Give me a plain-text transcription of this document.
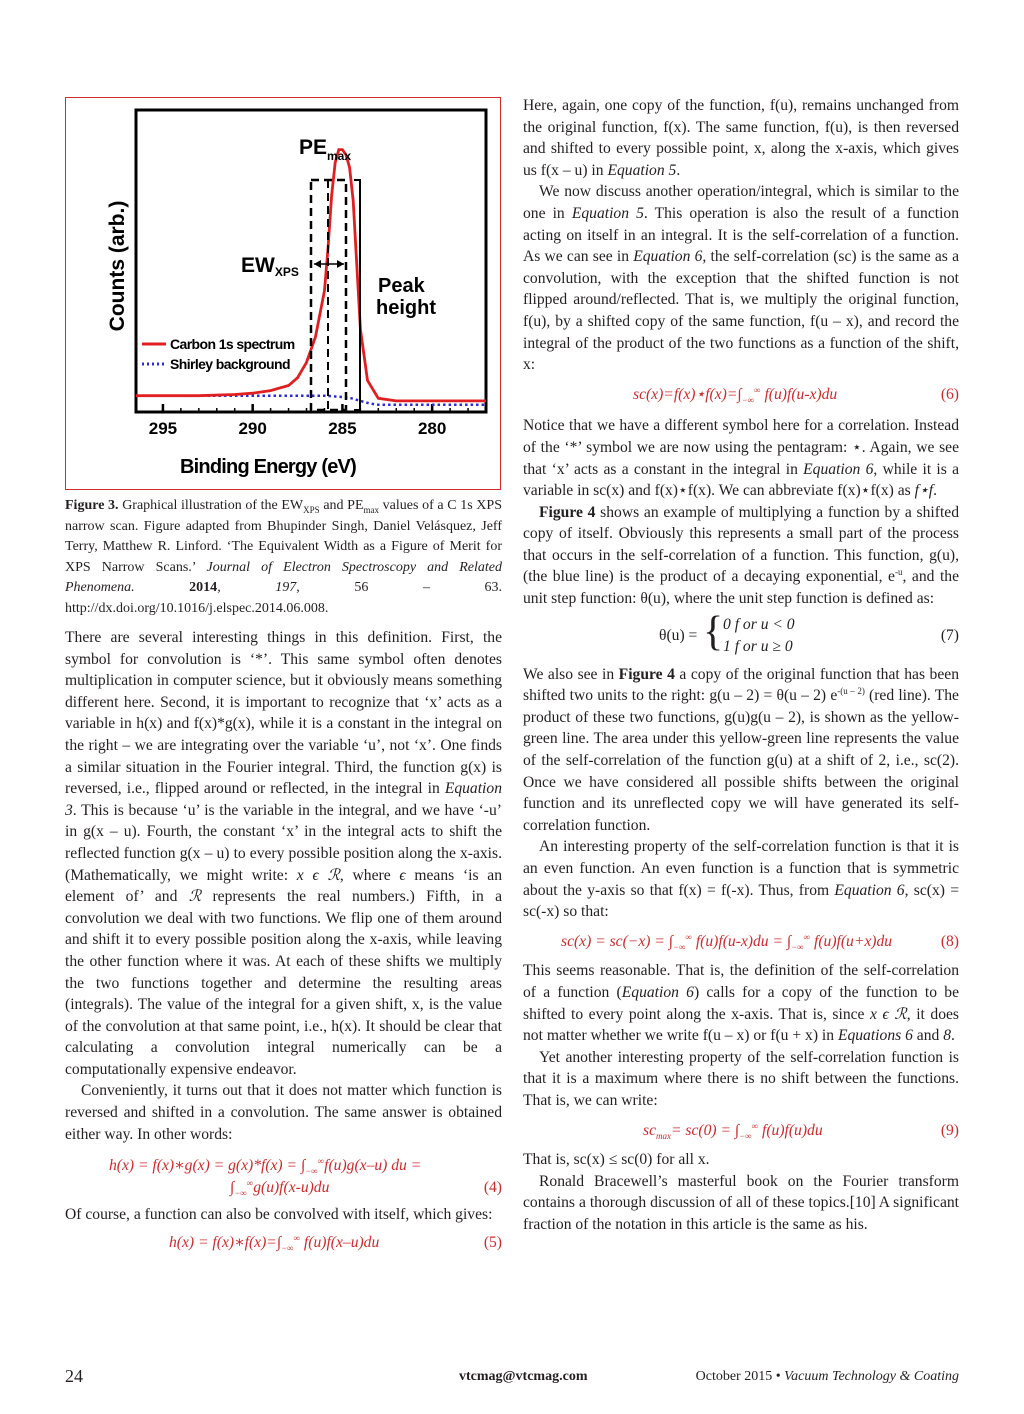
295	290	285	280
Binding Energy (eV)
Counts (arb.)
$PE_{max}$
EWXPS
Peak
height
Carbon 1s spectrum
Shirley background
Figure 3. Graphical illustration of the $EW_{XPS}$ and $PE_{max}$ values of a C 1s XPS narrow scan. Figure adapted from Bhupinder Singh, Daniel Velásquez, Jeff Terry, Matthew R. Linford. ‘The Equivalent Width as a Figure of Merit for XPS Narrow Scans.’ Journal of Electron Spectroscopy and Related Phenomena. 2014, 197, 56 – 63. http://dx.doi.org/10.1016/j.elspec.2014.06.008.

There are several interesting things in this definition. First, the symbol for convolution is ‘*’. This same symbol often denotes multiplication in computer science, but it obviously means something different here. Second, it is important to recognize that ‘x’ acts as a variable in h(x) and f(x)*g(x), while it is a constant in the integral on the right – we are integrating over the variable ‘u’, not ‘x’. One finds a similar situation in the Fourier integral. Third, the function g(x) is reversed, i.e., flipped around or reflected, in the integral in Equation 3. This is because ‘u’ is the variable in the integral, and we have ‘-u’ in g(x – u). Fourth, the constant ‘x’ in the integral acts to shift the reflected function g(x – u) to every possible position along the x-axis. (Mathematically, we might write: x ϵ ℛ, where ϵ means ‘is an element of’ and ℛ represents the real numbers.) Fifth, in a convolution we deal with two functions. We flip one of them around and shift it to every possible position along the x-axis, while leaving the other function where it was. At each of these shifts we multiply the two functions together and determine the resulting areas (integrals). The value of the integral for a given shift, x, is the value of the convolution at that same point, i.e., h(x). It should be clear that calculating a convolution integral numerically can be a computationally expensive endeavor.

Conveniently, it turns out that it does not matter which function is reversed and shifted in a convolution. The same answer is obtained either way. In other words:

h(x) = f(x)∗g(x) = $g(x)*f(x) = \int_{-\infty}^\infty f(u)g(x-u)$ du =
$\int_{-\infty}^\infty g(u)f(x-u)du$	(4)

Of course, a function can also be convolved with itself, which gives:

$h(x) = f(x)∗f(x)=\int_{-\infty}^\infty$ f(u)f(x–u)du	(5)

Here, again, one copy of the function, f(u), remains unchanged from the original function, f(x). The same function, f(u), is then reversed and shifted to every possible point, x, along the x-axis, which gives us f(x – u) in Equation 5.

We now discuss another operation/integral, which is similar to the one in Equation 5. This operation is also the result of a function acting on itself in an integral. It is the self-correlation of a function. As we can see in Equation 6, the self-correlation (sc) is the same as a convolution, with the exception that the shifted function is not flipped around/reflected. That is, we multiply the original function, f(u), by a shifted copy of the same function, f(u – x), and record the integral of the product of the two functions as a function of the shift, x:

$sc(x)=f(x)⋆f(x)=\int_{-\infty}^\infty$ f(u)f(u-x)du	(6)

Notice that we have a different symbol here for a correlation. Instead of the ‘*’ symbol we are now using the pentagram: ⋆. Again, we see that ‘x’ acts as a constant in the integral in Equation 6, while it is a variable in sc(x) and f(x)⋆f(x). We can abbreviate f(x)⋆f(x) as f⋆f.

Figure 4 shows an example of multiplying a function by a shifted copy of itself. Obviously this represents a small part of the process that occurs in the self-correlation of a function. This function, g(u), (the blue line) is the product of a decaying exponential, $e^{-u}$, and the unit step function: θ(u), where the unit step function is defined as:

θ(u) = { 0 f or u < 0
1 f or u ≥ 0
(7)

We also see in Figure 4 a copy of the original function that has been shifted two units to the right: g(u – 2) = θ(u – 2) $e^{-(u - 2)}$ (red line). The product of these two functions, g(u)g(u – 2), is shown as the yellow-green line. The area under this yellow-green line represents the value of the self-correlation of the function g(u) at a shift of 2, i.e., sc(2). Once we have considered all possible shifts between the original function and its unreflected copy we will have generated its self-correlation function.

An interesting property of the self-correlation function is that it is an even function. An even function is a function that is symmetric about the y-axis so that f(x) = f(-x). Thus, from Equation 6, sc(x) = sc(-x) so that:

$sc(x) = sc(-x) = \int_{-\infty}^\infty$ $f(u)f(u-x)du = \int_{-\infty}^\infty$ f(u)f(u+x)du	(8)

This seems reasonable. That is, the definition of the self-correlation of a function (Equation 6) calls for a copy of the function to be shifted to every point along the x-axis. That is, since x ϵ ℛ, it does not matter whether we write f(u – x) or f(u + x) in Equations 6 and 8.

Yet another interesting property of the self-correlation function is that it is a maximum where there is no shift between the functions. That is, we can write:

$sc_{max}= sc(0) = \int_{-\infty}^\infty$ f(u)f(u)du	(9)

That is, sc(x) ≤ sc(0) for all x.

Ronald Bracewell’s masterful book on the Fourier transform contains a thorough discussion of all of these topics.[10] A significant fraction of the notation in this article is the same as his.

24	vtcmag@vtcmag.com	October 2015 • Vacuum Technology & Coating
